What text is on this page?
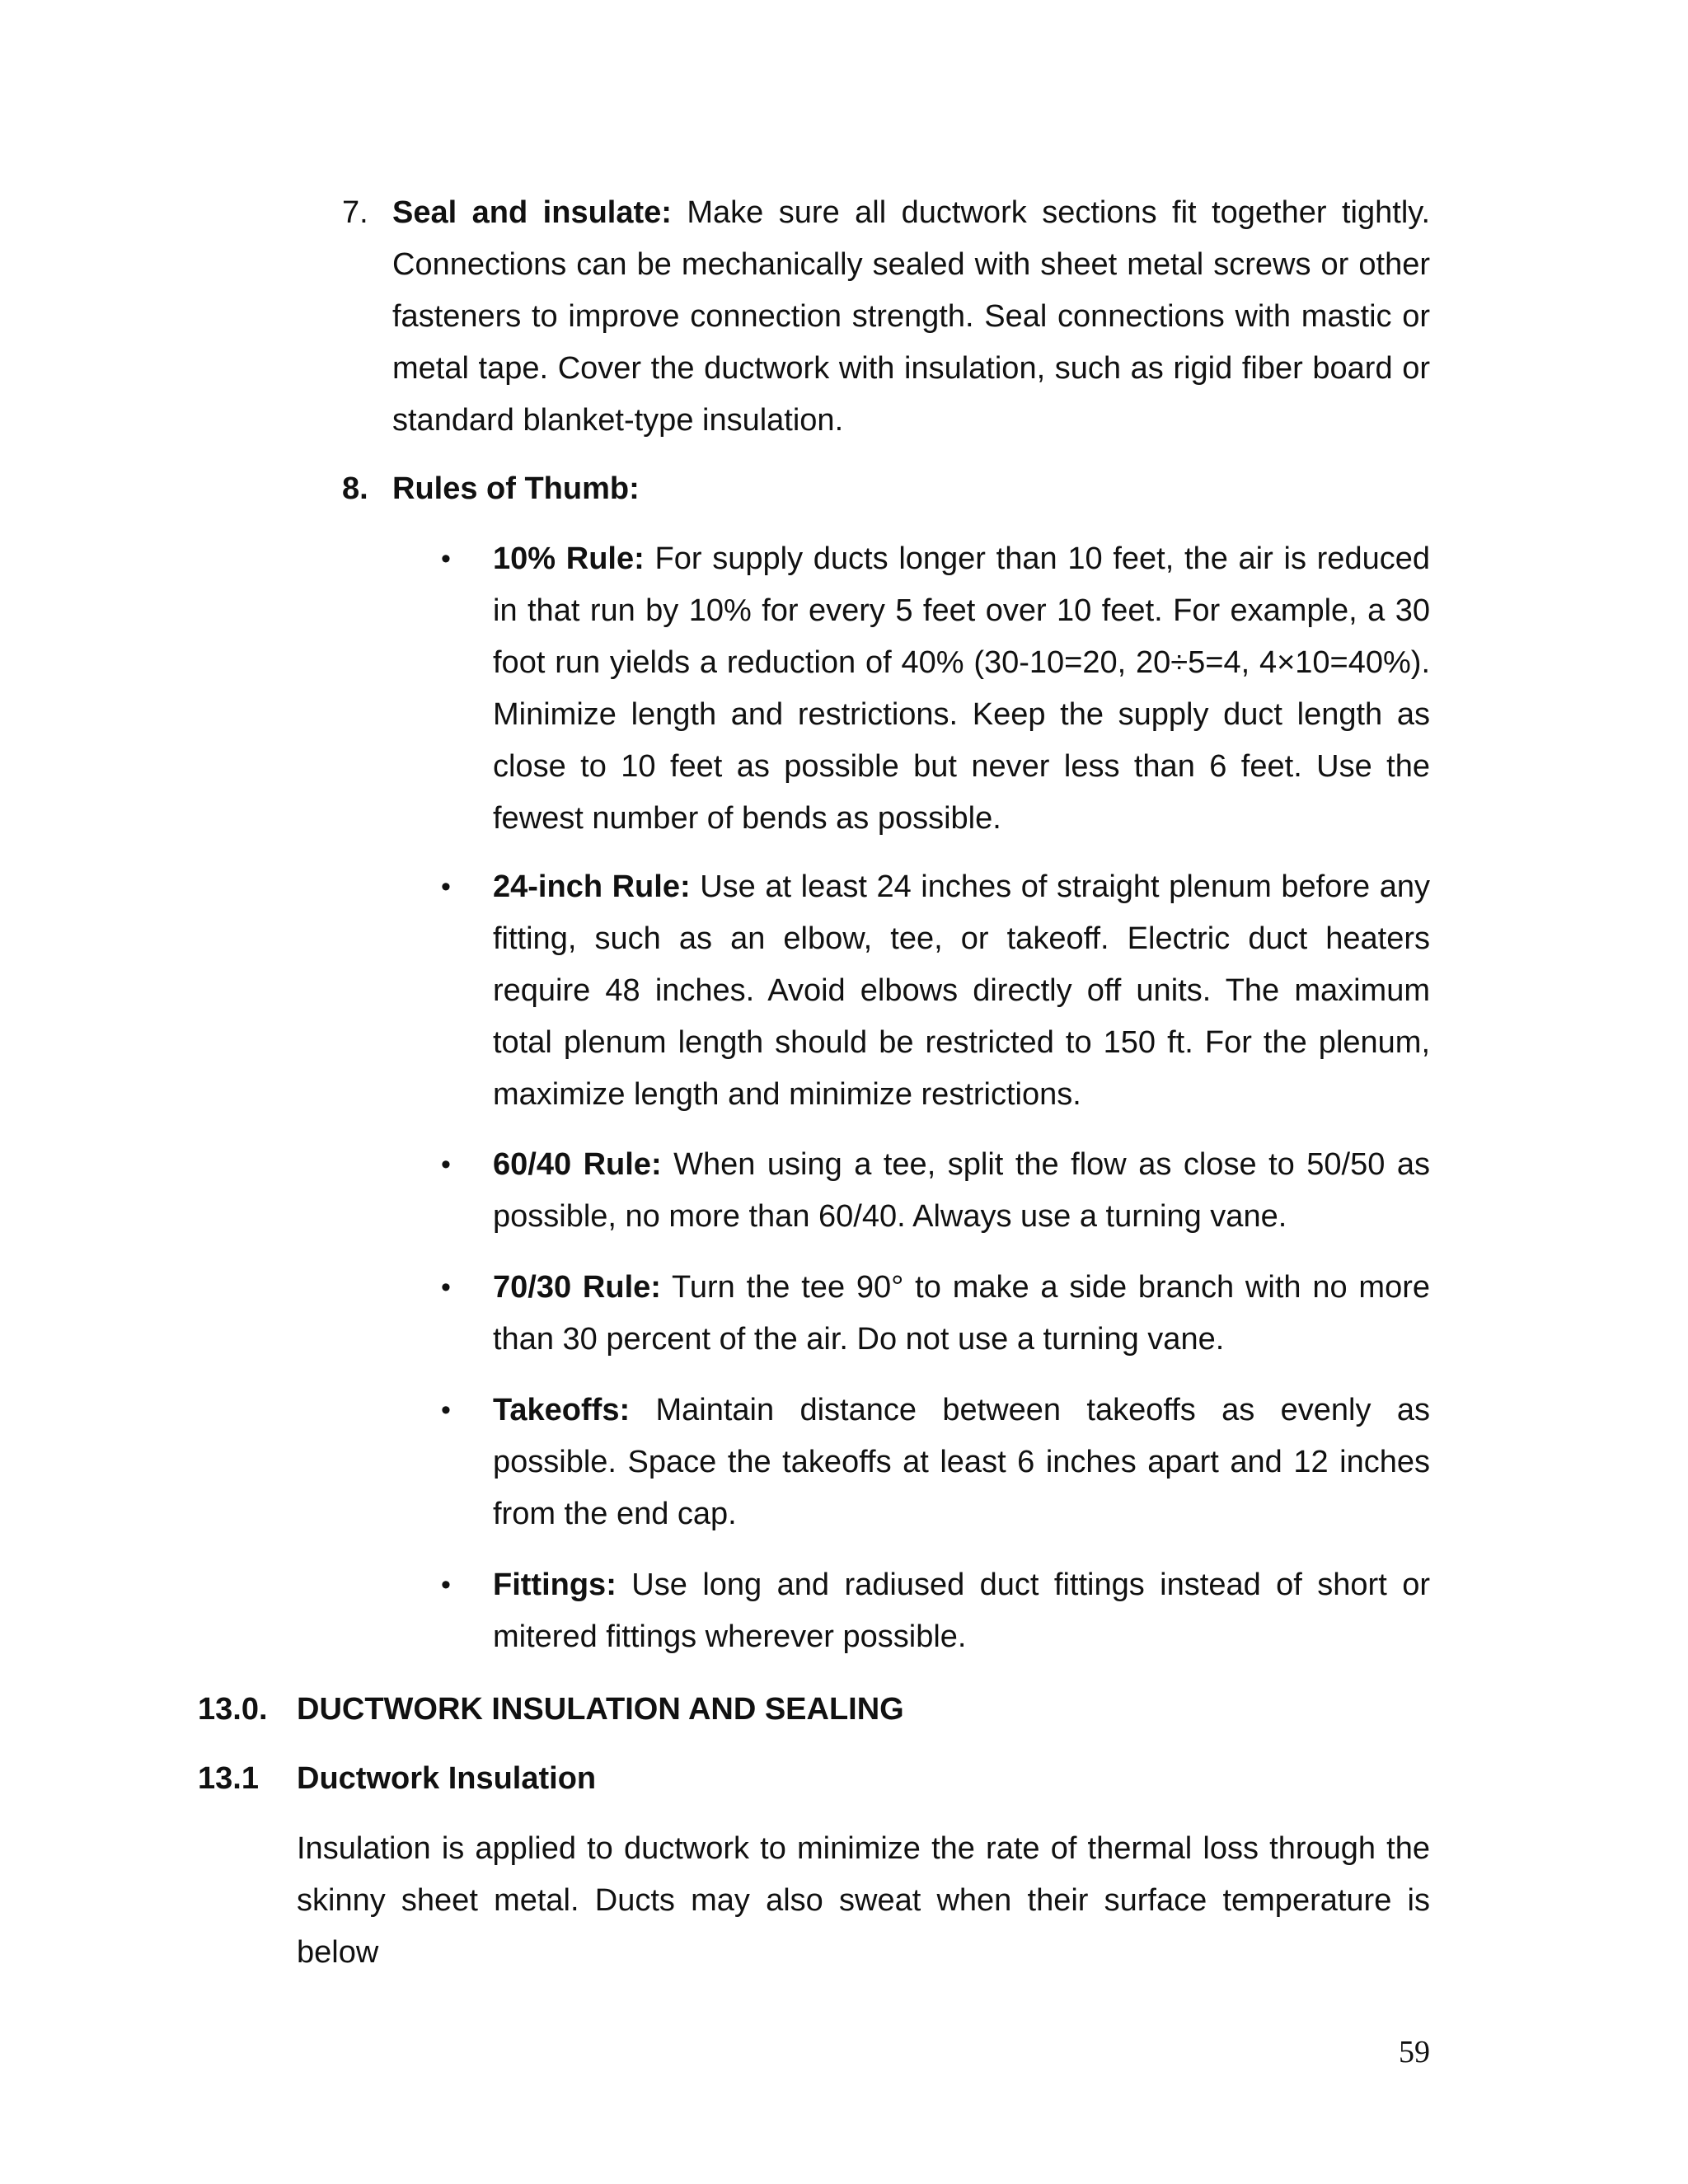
7. Seal and insulate: Make sure all ductwork sections fit together tightly. Connections can be mechanically sealed with sheet metal screws or other fasteners to improve connection strength. Seal connections with mastic or metal tape. Cover the ductwork with insulation, such as rigid fiber board or standard blanket-type insulation.

8. Rules of Thumb:

•	10% Rule: For supply ducts longer than 10 feet, the air is reduced in that run by 10% for every 5 feet over 10 feet. For example, a 30 foot run yields a reduction of 40% (30-10=20, 20÷5=4, 4×10=40%). Minimize length and restrictions. Keep the supply duct length as close to 10 feet as possible but never less than 6 feet. Use the fewest number of bends as possible.

•	24-inch Rule: Use at least 24 inches of straight plenum before any fitting, such as an elbow, tee, or takeoff. Electric duct heaters require 48 inches. Avoid elbows directly off units. The maximum total plenum length should be restricted to 150 ft. For the plenum, maximize length and minimize restrictions.

•	60/40 Rule: When using a tee, split the flow as close to 50/50 as possible, no more than 60/40. Always use a turning vane.

•	70/30 Rule: Turn the tee 90° to make a side branch with no more than 30 percent of the air. Do not use a turning vane.

•	Takeoffs: Maintain distance between takeoffs as evenly as possible. Space the takeoffs at least 6 inches apart and 12 inches from the end cap.

•	Fittings: Use long and radiused duct fittings instead of short or mitered fittings wherever possible.

13.0. DUCTWORK INSULATION AND SEALING
13.1 Ductwork Insulation

Insulation is applied to ductwork to minimize the rate of thermal loss through the skinny sheet metal. Ducts may also sweat when their surface temperature is below

59
